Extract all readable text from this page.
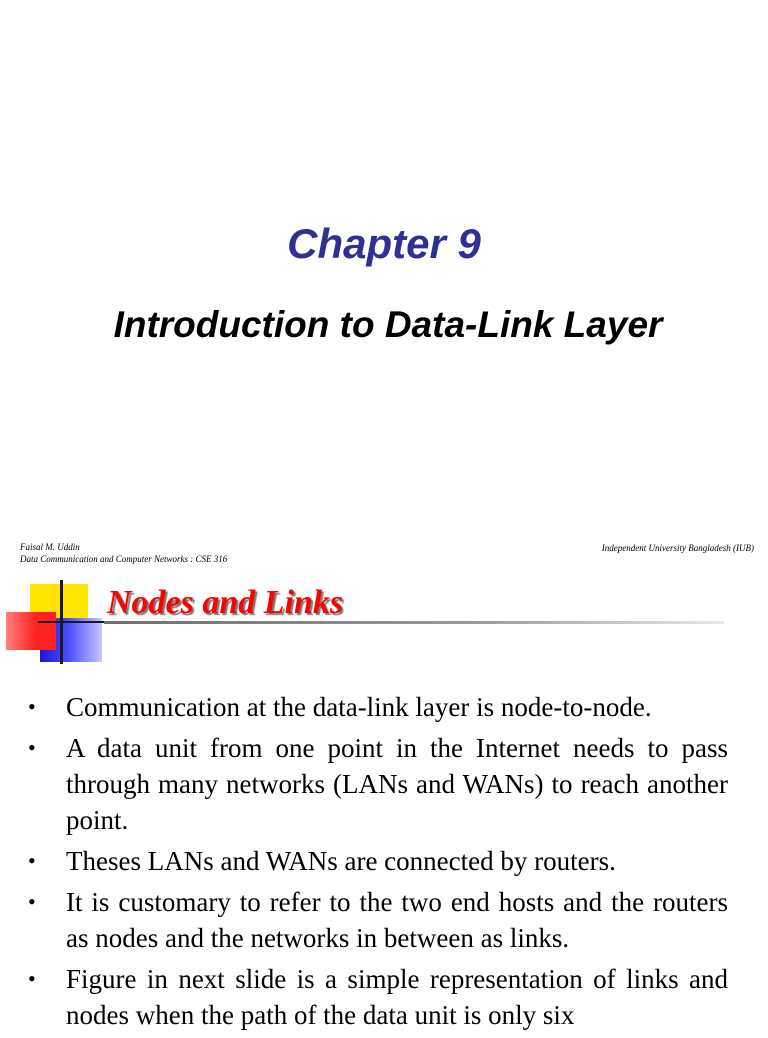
Chapter 9
Introduction to Data-Link Layer
Faisal M. Uddin
Data Communication and Computer Networks : CSE 316
Independent University Bangladesh (IUB)
Nodes and Links
• Communication at the data-link layer is node-to-node.
• A data unit from one point in the Internet needs to pass through many networks (LANs and WANs) to reach another point.
• Theses LANs and WANs are connected by routers.
• It is customary to refer to the two end hosts and the routers as nodes and the networks in between as links.
• Figure in next slide is a simple representation of links and nodes when the path of the data unit is only six
